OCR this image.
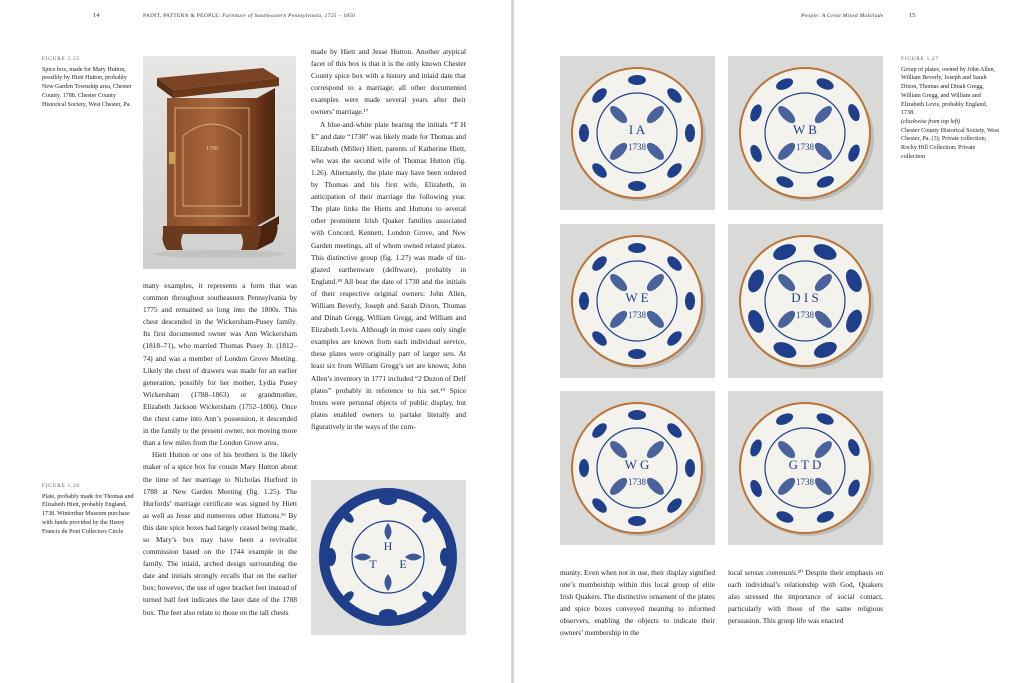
14	PAINT, PATTERN & PEOPLE: Furniture of Southeastern Pennsylvania, 1725 – 1850
FIGURE 1.25
Spice box, made for Mary Hutton, possibly by Hiett Hutton, probably New Garden Township area, Chester County, 1788. Chester County Historical Society, West Chester, Pa.
1788

many examples, it represents a form that was common throughout southeastern Pennsylvania by 1775 and remained so long into the 1800s. This chest descended in the Wickersham-Pusey family. Its first documented owner was Ann Wickersham (1818–71), who married Thomas Pusey Jr. (1812–74) and was a member of London Grove Meeting. Likely the chest of drawers was made for an earlier generation, possibly for her mother, Lydia Pusey Wickersham (1788–1863) or grandmother, Elizabeth Jackson Wickersham (1752–1806). Once the chest came into Ann’s possession, it descended in the family to the present owner, not moving more than a few miles from the London Grove area.

Hiett Hutton or one of his brothers is the likely maker of a spice box for cousin Mary Hutton about the time of her marriage to Nicholas Hurford in 1788 at New Garden Meeting (fig. 1.25). The Hurfords’ marriage certificate was signed by Hiett as well as Jesse and numerous other Huttons.¹⁶ By this date spice boxes had largely ceased being made, so Mary’s box may have been a revivalist commission based on the 1744 example in the family. The inlaid, arched design surrounding the date and initials strongly recalls that on the earlier box; however, the use of ogee bracket feet instead of turned ball feet indicates the later date of the 1788 box. The feet also relate to those on the tall chests

made by Hiett and Jesse Hutton. Another atypical facet of this box is that it is the only known Chester County spice box with a history and inlaid date that correspond to a marriage; all other documented examples were made several years after their owners’ marriage.¹⁷

A blue-and-white plate bearing the initials “T H E” and date “1738” was likely made for Thomas and Elizabeth (Miller) Hiett, parents of Katherine Hiett, who was the second wife of Thomas Hutton (fig. 1.26). Alternately, the plate may have been ordered by Thomas and his first wife, Elizabeth, in anticipation of their marriage the following year. The plate links the Hietts and Huttons to several other prominent Irish Quaker families associated with Concord, Kennett, London Grove, and New Garden meetings, all of whom owned related plates. This distinctive group (fig. 1.27) was made of tin-glazed earthenware (delftware), probably in England.¹⁸ All bear the date of 1738 and the initials of their respective original owners: John Allen, William Beverly, Joseph and Sarah Dixon, Thomas and Dinah Gregg, William Gregg, and William and Elizabeth Levis. Although in most cases only single examples are known from each individual service, these plates were originally part of larger sets. At least six from William Gregg’s set are known; John Allen’s inventory in 1771 included “2 Duzon of Delf plates” probably in reference to his set.¹⁹ Spice boxes were personal objects of public display, but plates enabled owners to partake literally and figuratively in the ways of the com-

FIGURE 1.26
Plate, probably made for Thomas and Elizabeth Hiett, probably England, 1738. Winterthur Museum purchase with funds provided by the Henry Francis du Pont Collectors Circle
H
T E
People: A Great Mixed Multitude	15
I A
1738
W B
1738
W E
1738
D I S
1738
W G
1738
G T D
1738
FIGURE 1.27
Group of plates, owned by John Allen, William Beverly, Joseph and Sarah Dixon, Thomas and Dinah Gregg, William Gregg, and William and Elizabeth Levis, probably England, 1738.
(clockwise from top left)
Chester County Historical Society, West Chester, Pa. (3); Private collection; Rocky Hill Collection; Private collection

munity. Even when not in use, their display signified one’s membership within this local group of elite Irish Quakers. The distinctive ornament of the plates and spice boxes conveyed meaning to informed observers, enabling the objects to indicate their owners’ membership in the

local sensus communis.²⁰ Despite their emphasis on each individual’s relationship with God, Quakers also stressed the importance of social contact, particularly with those of the same religious persuasion. This group life was enacted
